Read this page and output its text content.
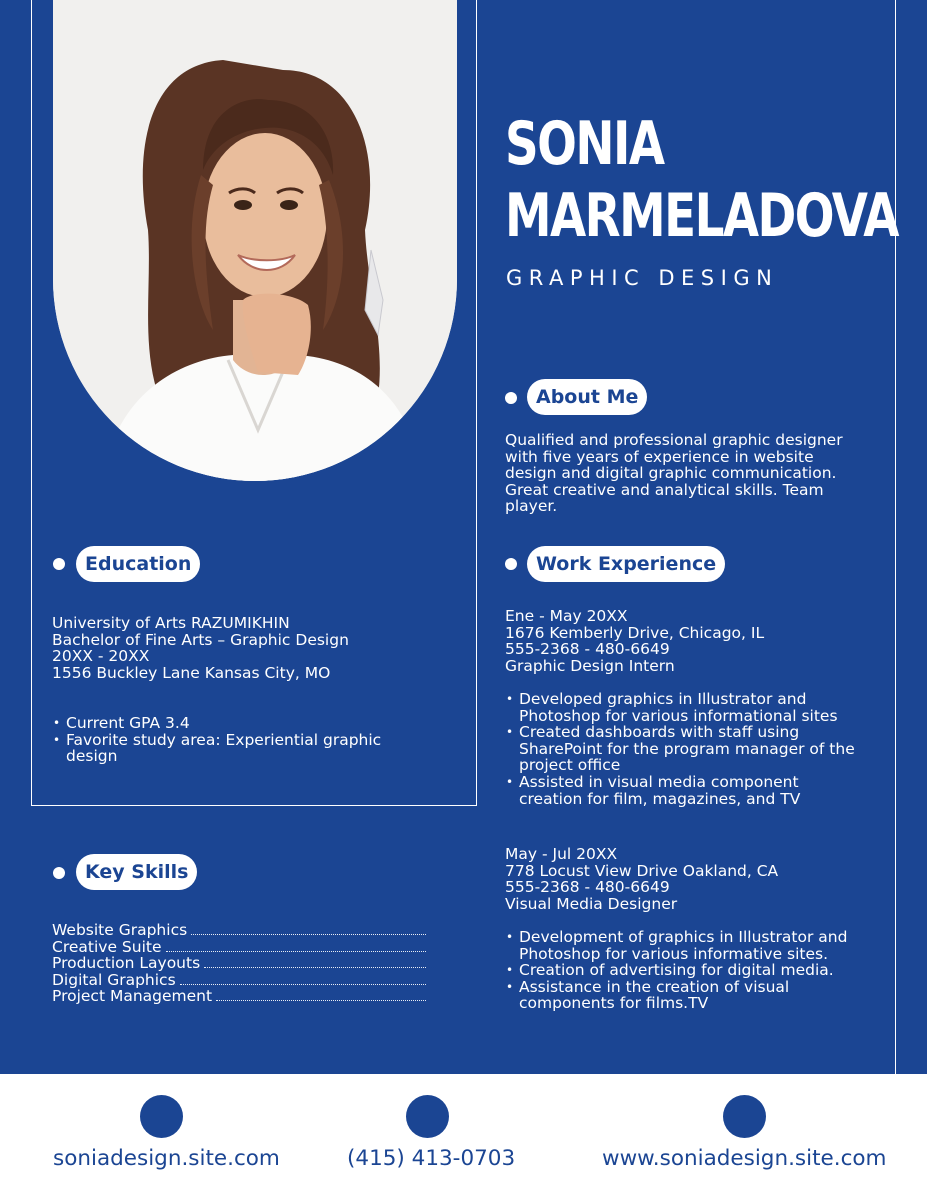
SONIA
MARMELADOVA
GRAPHIC DESIGN
About Me
Qualified and professional graphic designer
with five years of experience in website
design and digital graphic communication.
Great creative and analytical skills. Team
player.
Education
University of Arts RAZUMIKHIN
Bachelor of Fine Arts – Graphic Design
20XX - 20XX
1556 Buckley Lane Kansas City, MO
• Current GPA 3.4
• Favorite study area: Experiential graphic
design
Work Experience
Ene - May 20XX
1676 Kemberly Drive, Chicago, IL
555-2368 - 480-6649
Graphic Design Intern
• Developed graphics in Illustrator and
Photoshop for various informational sites
• Created dashboards with staff using
SharePoint for the program manager of the
project office
• Assisted in visual media component
creation for film, magazines, and TV
May - Jul 20XX
778 Locust View Drive Oakland, CA
555-2368 - 480-6649
Visual Media Designer
• Development of graphics in Illustrator and
Photoshop for various informative sites.
• Creation of advertising for digital media.
• Assistance in the creation of visual
components for films.TV
Key Skills
Website Graphics
Creative Suite
Production Layouts
Digital Graphics
Project Management
soniadesign.site.com	(415) 413-0703	www.soniadesign.site.com
